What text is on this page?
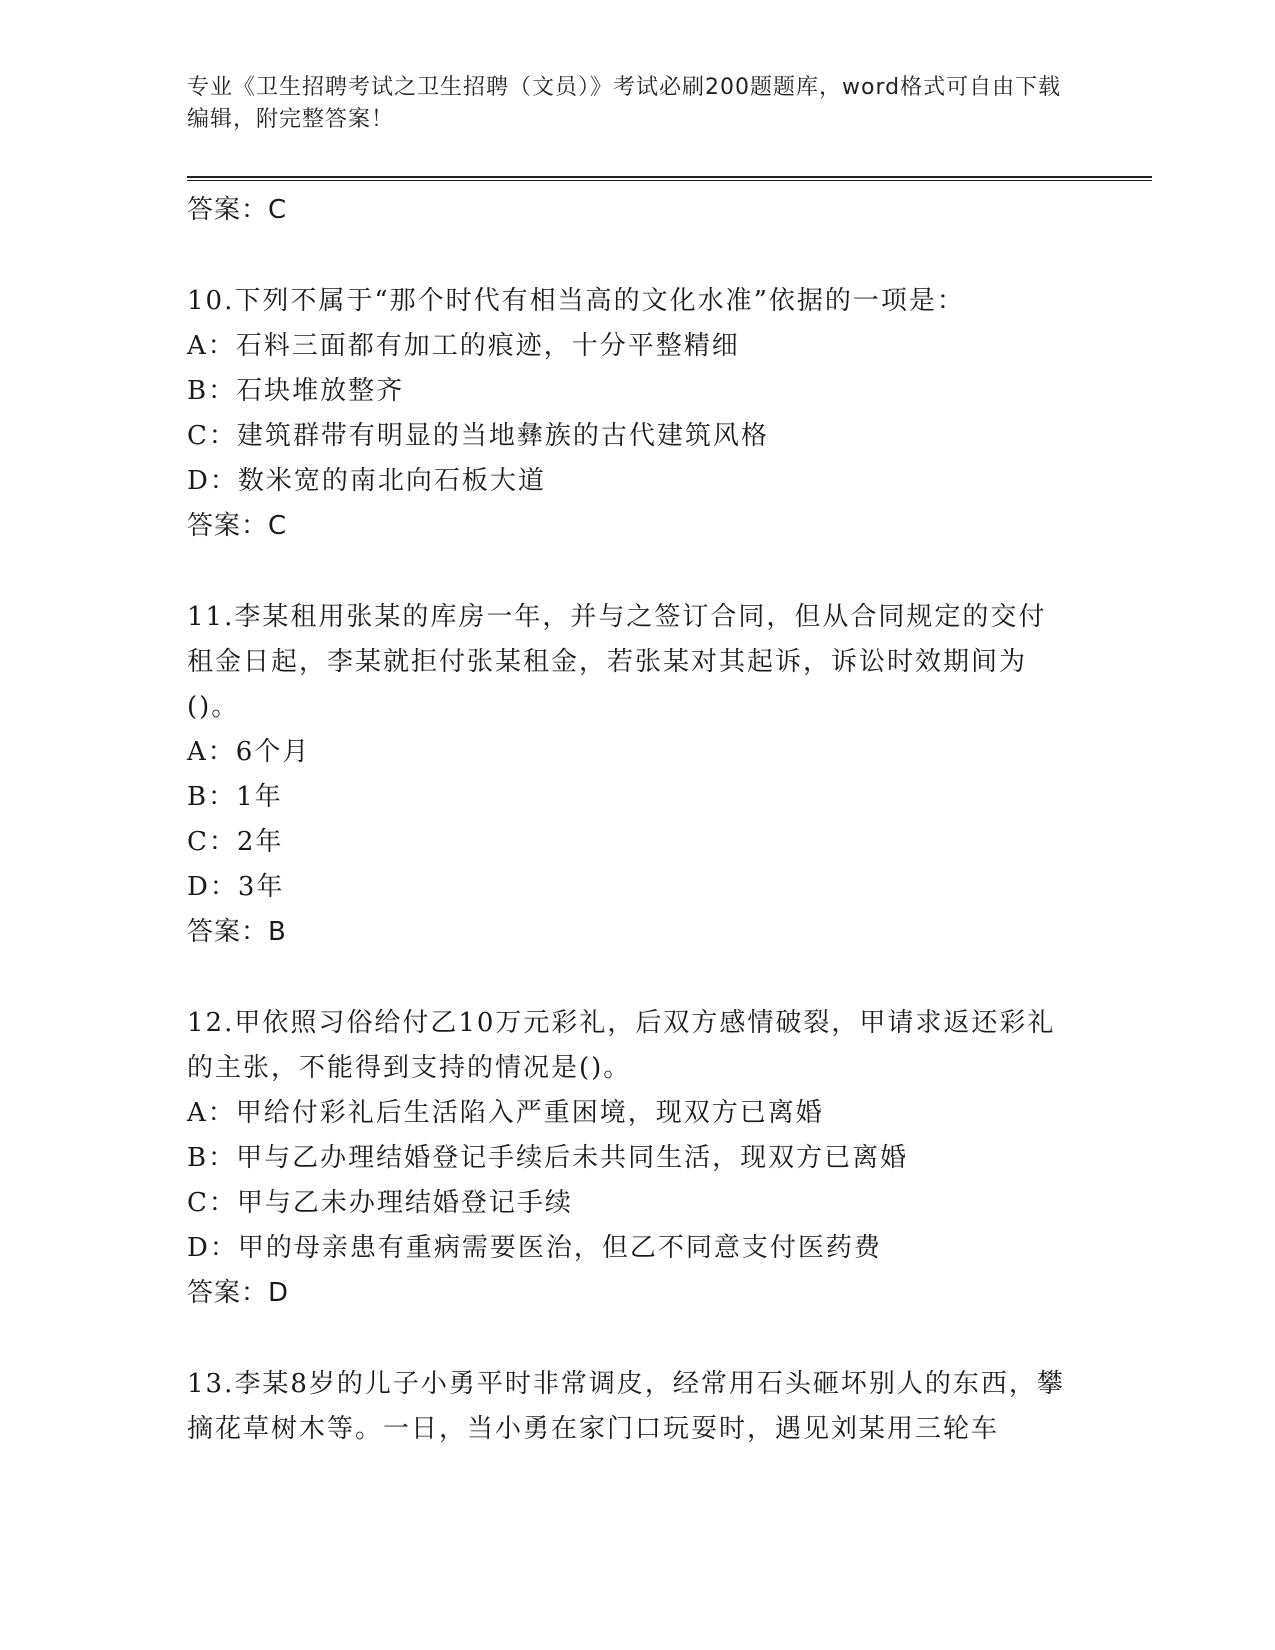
专业《卫生招聘考试之卫生招聘（文员）》考试必刷200题题库，word格式可自由下载编辑，附完整答案！
答案：C
10.下列不属于“那个时代有相当高的文化水准”依据的一项是：
A：石料三面都有加工的痕迹，十分平整精细
B：石块堆放整齐
C：建筑群带有明显的当地彝族的古代建筑风格
D：数米宽的南北向石板大道
答案：C
11.李某租用张某的库房一年，并与之签订合同，但从合同规定的交付租金日起，李某就拒付张某租金，若张某对其起诉，诉讼时效期间为()。
A：6个月
B：1年
C：2年
D：3年
答案：B
12.甲依照习俗给付乙10万元彩礼，后双方感情破裂，甲请求返还彩礼的主张，不能得到支持的情况是()。
A：甲给付彩礼后生活陷入严重困境，现双方已离婚
B：甲与乙办理结婚登记手续后未共同生活，现双方已离婚
C：甲与乙未办理结婚登记手续
D：甲的母亲患有重病需要医治，但乙不同意支付医药费
答案：D
13.李某8岁的儿子小勇平时非常调皮，经常用石头砸坏别人的东西，攀摘花草树木等。一日，当小勇在家门口玩耍时，遇见刘某用三轮车
